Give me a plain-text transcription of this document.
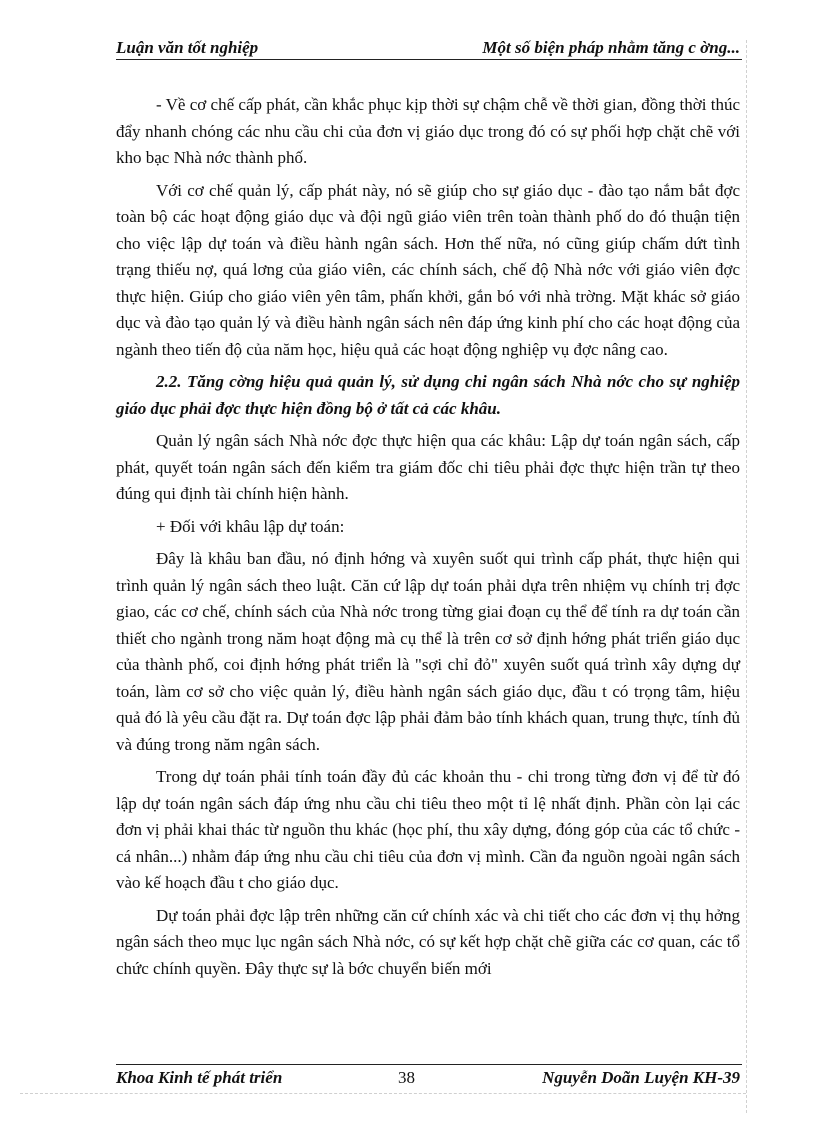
Luận văn tốt nghiệp	Một số biện pháp nhằm tăng c ờng...

- Về cơ chế cấp phát, cần khắc phục kịp thời sự chậm chễ về thời gian, đồng thời thúc đẩy nhanh chóng các nhu cầu chi của đơn vị giáo dục trong đó có sự phối hợp chặt chẽ với kho bạc Nhà nớc thành phố.

Với cơ chế quản lý, cấp phát này, nó sẽ giúp cho sự giáo dục - đào tạo nắm bắt đợc toàn bộ các hoạt động giáo dục và đội ngũ giáo viên trên toàn thành phố do đó thuận tiện cho việc lập dự toán và điều hành ngân sách. Hơn thế nữa, nó cũng giúp chấm dứt tình trạng thiếu nợ, quá lơng của giáo viên, các chính sách, chế độ Nhà nớc với giáo viên đợc thực hiện. Giúp cho giáo viên yên tâm, phấn khởi, gắn bó với nhà trờng. Mặt khác sở giáo dục và đào tạo quản lý và điều hành ngân sách nên đáp ứng kinh phí cho các hoạt động của ngành theo tiến độ của năm học, hiệu quả các hoạt động nghiệp vụ đợc nâng cao.

2.2. Tăng cờng hiệu quả quản lý, sử dụng chi ngân sách Nhà nớc cho sự nghiệp giáo dục phải đợc thực hiện đồng bộ ở tất cả các khâu.

Quản lý ngân sách Nhà nớc đợc thực hiện qua các khâu: Lập dự toán ngân sách, cấp phát, quyết toán ngân sách đến kiểm tra giám đốc chi tiêu phải đợc thực hiện trần tự theo đúng qui định tài chính hiện hành.

+ Đối với khâu lập dự toán:

Đây là khâu ban đầu, nó định hớng và xuyên suốt qui trình cấp phát, thực hiện qui trình quản lý ngân sách theo luật. Căn cứ lập dự toán phải dựa trên nhiệm vụ chính trị đợc giao, các cơ chế, chính sách của Nhà nớc trong từng giai đoạn cụ thể để tính ra dự toán cần thiết cho ngành trong năm hoạt động mà cụ thể là trên cơ sở định hớng phát triển giáo dục của thành phố, coi định hớng phát triển là "sợi chỉ đỏ" xuyên suốt quá trình xây dựng dự toán, làm cơ sở cho việc quản lý, điều hành ngân sách giáo dục, đầu t có trọng tâm, hiệu quả đó là yêu cầu đặt ra. Dự toán đợc lập phải đảm bảo tính khách quan, trung thực, tính đủ và đúng trong năm ngân sách.

Trong dự toán phải tính toán đầy đủ các khoản thu - chi trong từng đơn vị để từ đó lập dự toán ngân sách đáp ứng nhu cầu chi tiêu theo một tỉ lệ nhất định. Phần còn lại các đơn vị phải khai thác từ nguồn thu khác (học phí, thu xây dựng, đóng góp của các tổ chức - cá nhân...) nhằm đáp ứng nhu cầu chi tiêu của đơn vị mình. Cần đa nguồn ngoài ngân sách vào kế hoạch đầu t cho giáo dục.

Dự toán phải đợc lập trên những căn cứ chính xác và chi tiết cho các đơn vị thụ hởng ngân sách theo mục lục ngân sách Nhà nớc, có sự kết hợp chặt chẽ giữa các cơ quan, các tổ chức chính quyền. Đây thực sự là bớc chuyển biến mới

Khoa Kinh tế phát triển	38	Nguyễn Doãn Luyện KH-39
